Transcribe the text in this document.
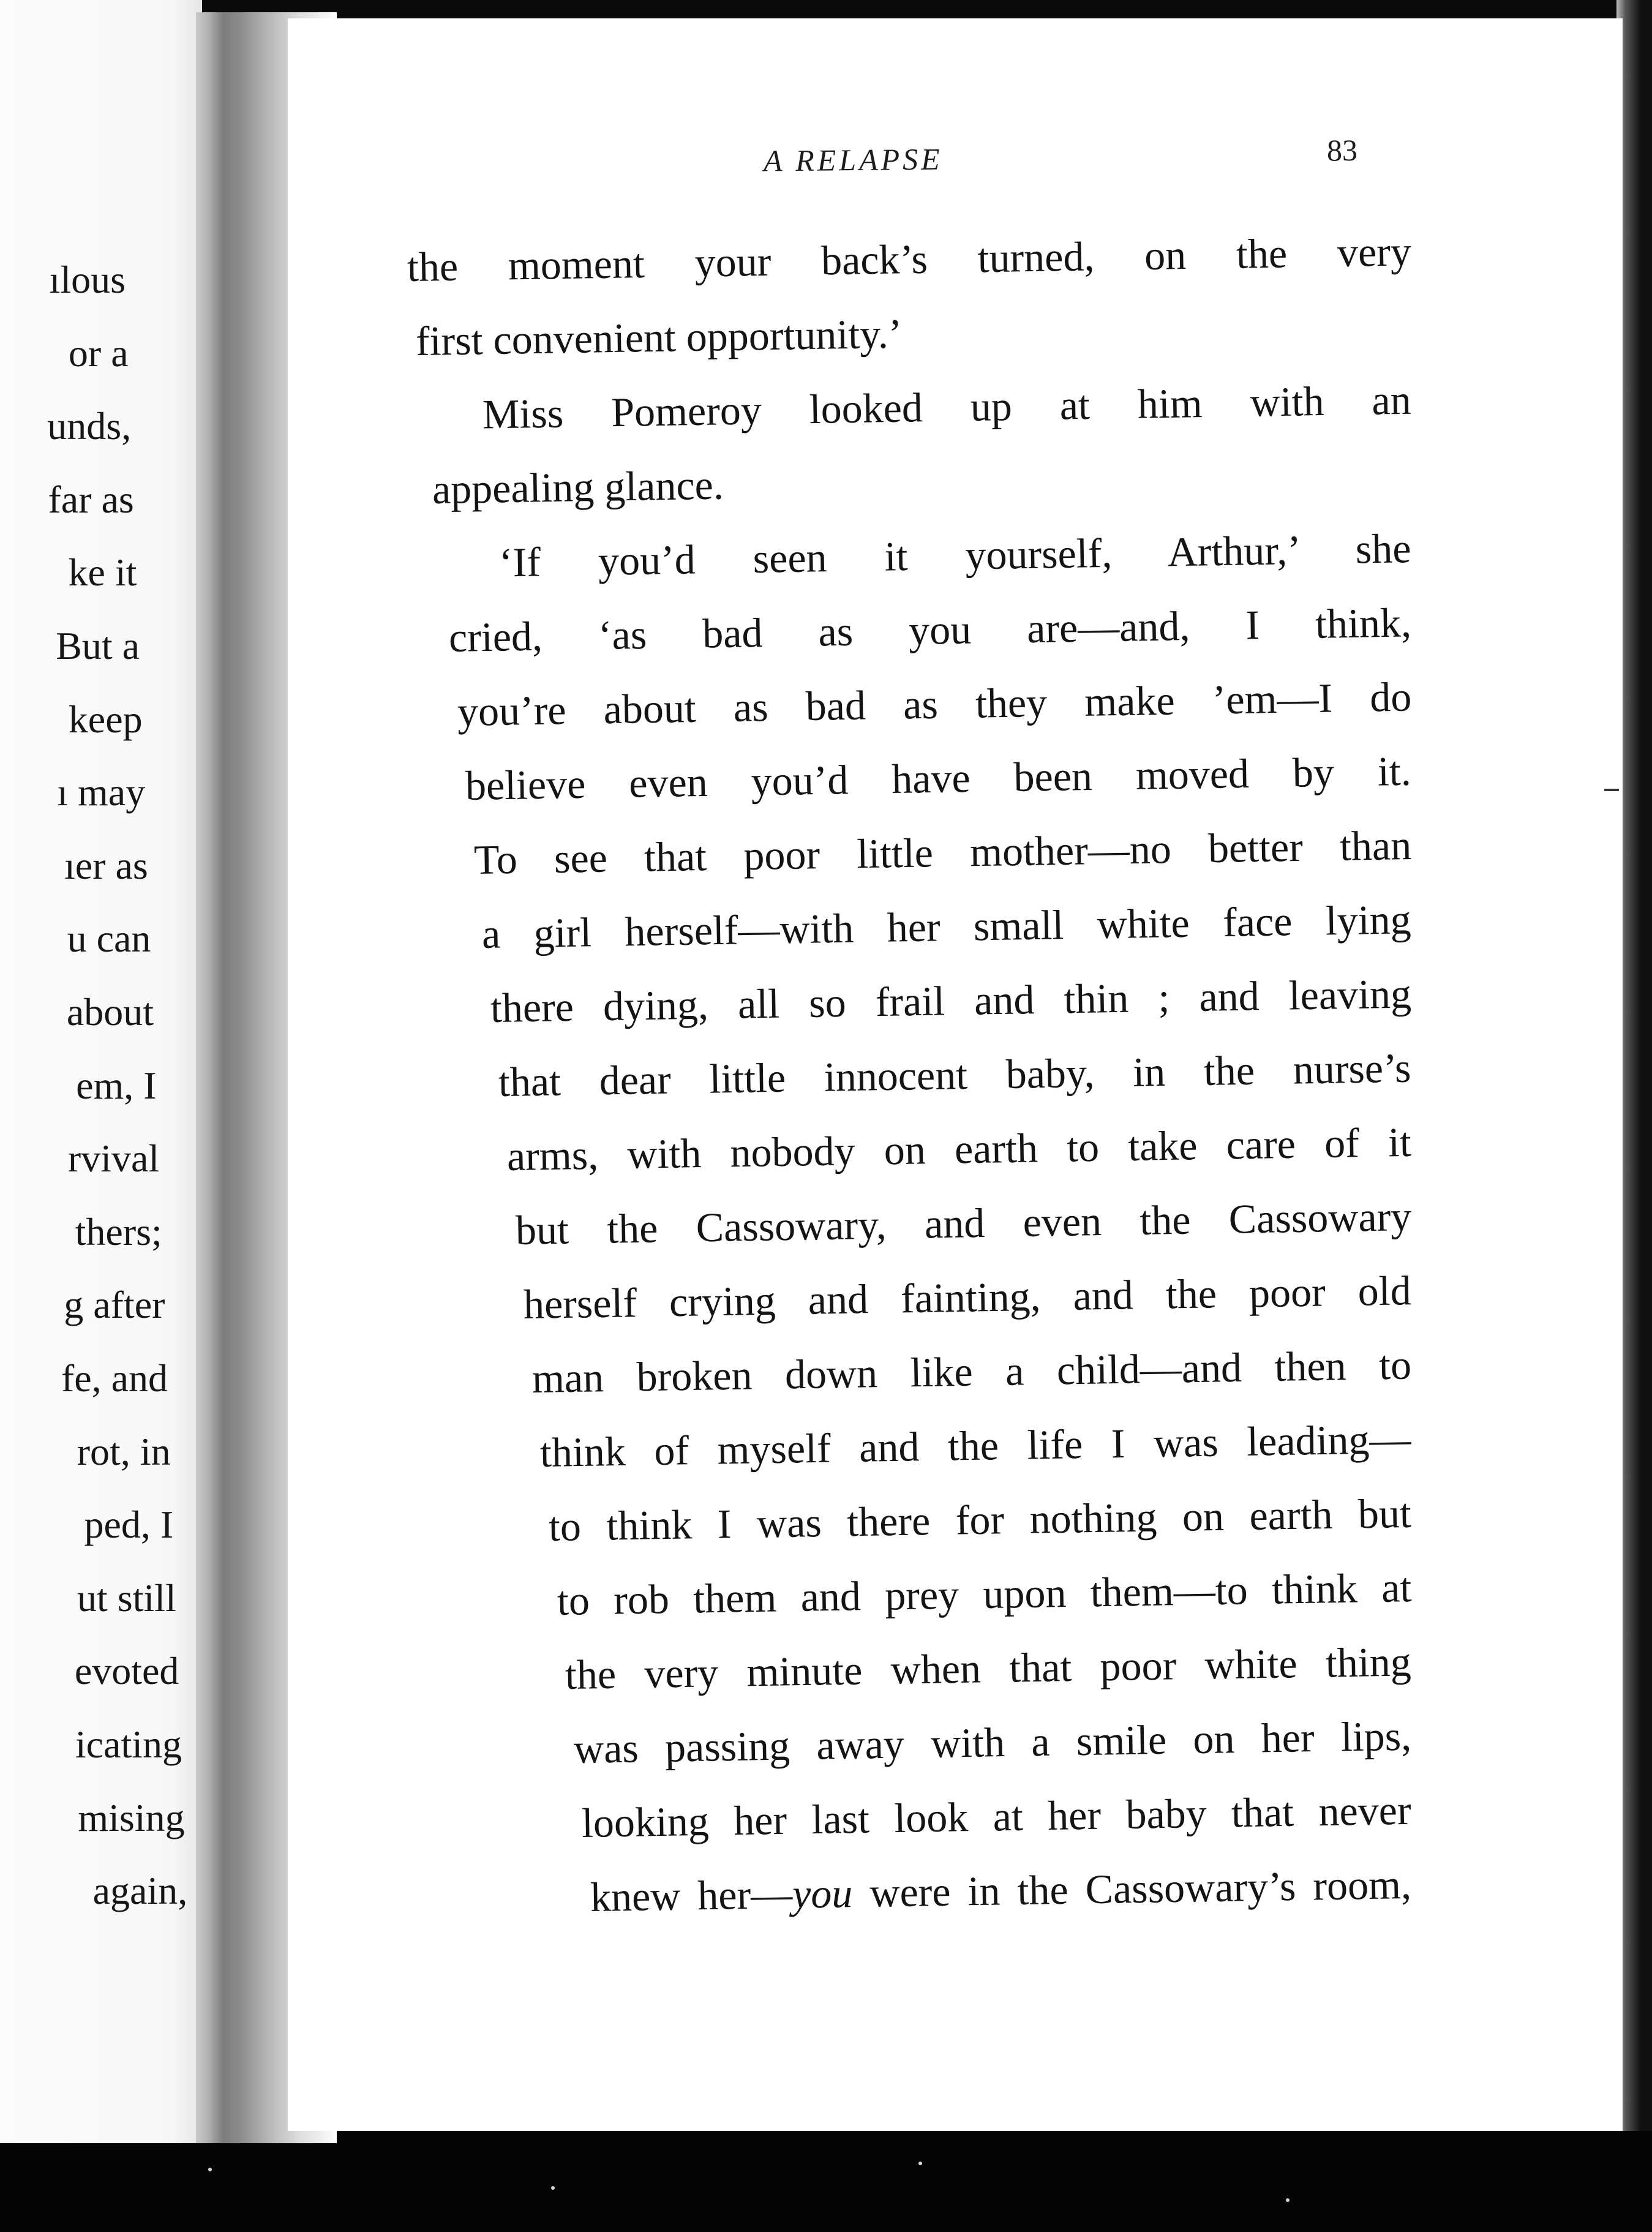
ılous
or a
unds,
far as
ke it
But a
keep
ı may
ıer as
u can
about
em, I
rvival
thers;
g after
fe, and
rot, in
ped, I
ut still
evoted
icating
mising
again,
A RELAPSE	83
the moment your back’s turned, on the very
first convenient opportunity.’
Miss Pomeroy looked up at him with an
appealing glance.
‘If you’d seen it yourself, Arthur,’ she
cried, ‘as bad as you are—and, I think,
you’re about as bad as they make ’em—I do
believe even you’d have been moved by it.
To see that poor little mother—no better than
a girl herself—with her small white face lying
there dying, all so frail and thin ; and leaving
that dear little innocent baby, in the nurse’s
arms, with nobody on earth to take care of it
but the Cassowary, and even the Cassowary
herself crying and fainting, and the poor old
man broken down like a child—and then to
think of myself and the life I was leading—
to think I was there for nothing on earth but
to rob them and prey upon them—to think at
the very minute when that poor white thing
was passing away with a smile on her lips,
looking her last look at her baby that never
knew her—you were in the Cassowary’s room,
